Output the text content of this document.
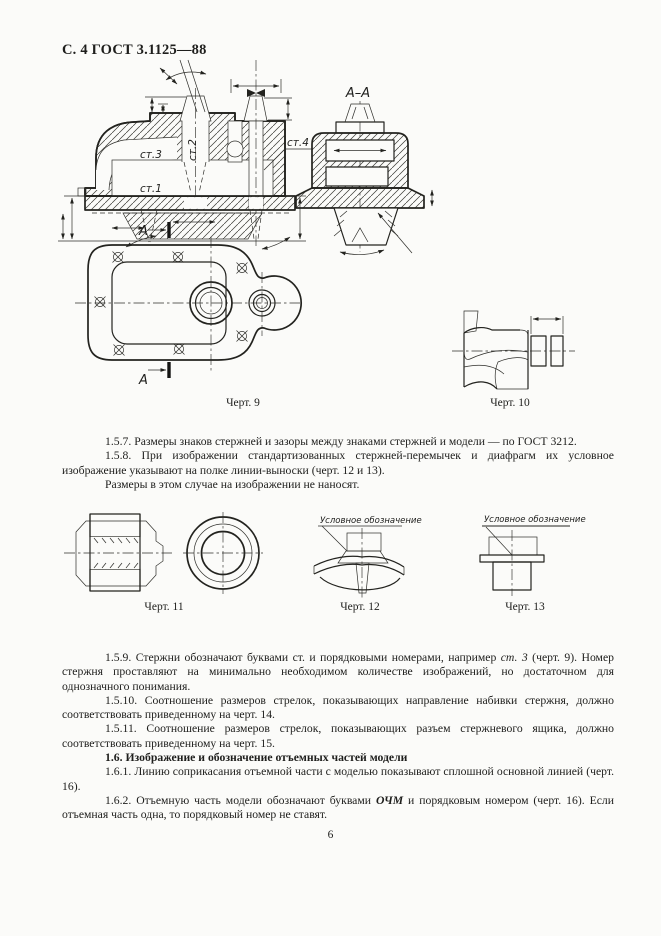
С. 4 ГОСТ 3.1125—88
ст.3
ст.1
ст.2	ст.4
А
А–А
А
Черт. 9	Черт. 10

1.5.7. Размеры знаков стержней и зазоры между знаками стержней и модели — по ГОСТ 3212.

1.5.8. При изображении стандартизованных стержней-перемычек и диафрагм их условное изображение указывают на полке линии-выноски (черт. 12 и 13).

Размеры в этом случае на изображении не наносят.

Черт. 11
Условное обозначение
Черт. 12
Условное обозначение
Черт. 13

1.5.9. Стержни обозначают буквами ст. и порядковыми номерами, например ст. 3 (черт. 9). Номер стержня проставляют на минимально необходимом количестве изображений, но достаточном для однозначного понимания.

1.5.10. Соотношение размеров стрелок, показывающих направление набивки стержня, должно соответствовать приведенному на черт. 14.

1.5.11. Соотношение размеров стрелок, показывающих разъем стержневого ящика, должно соответствовать приведенному на черт. 15.

1.6. Изображение и обозначение отъемных частей модели

1.6.1. Линию соприкасания отъемной части с моделью показывают сплошной основной линией (черт. 16).

1.6.2. Отъемную часть модели обозначают буквами ОЧМ и порядковым номером (черт. 16). Если отъемная часть одна, то порядковый номер не ставят.

6
